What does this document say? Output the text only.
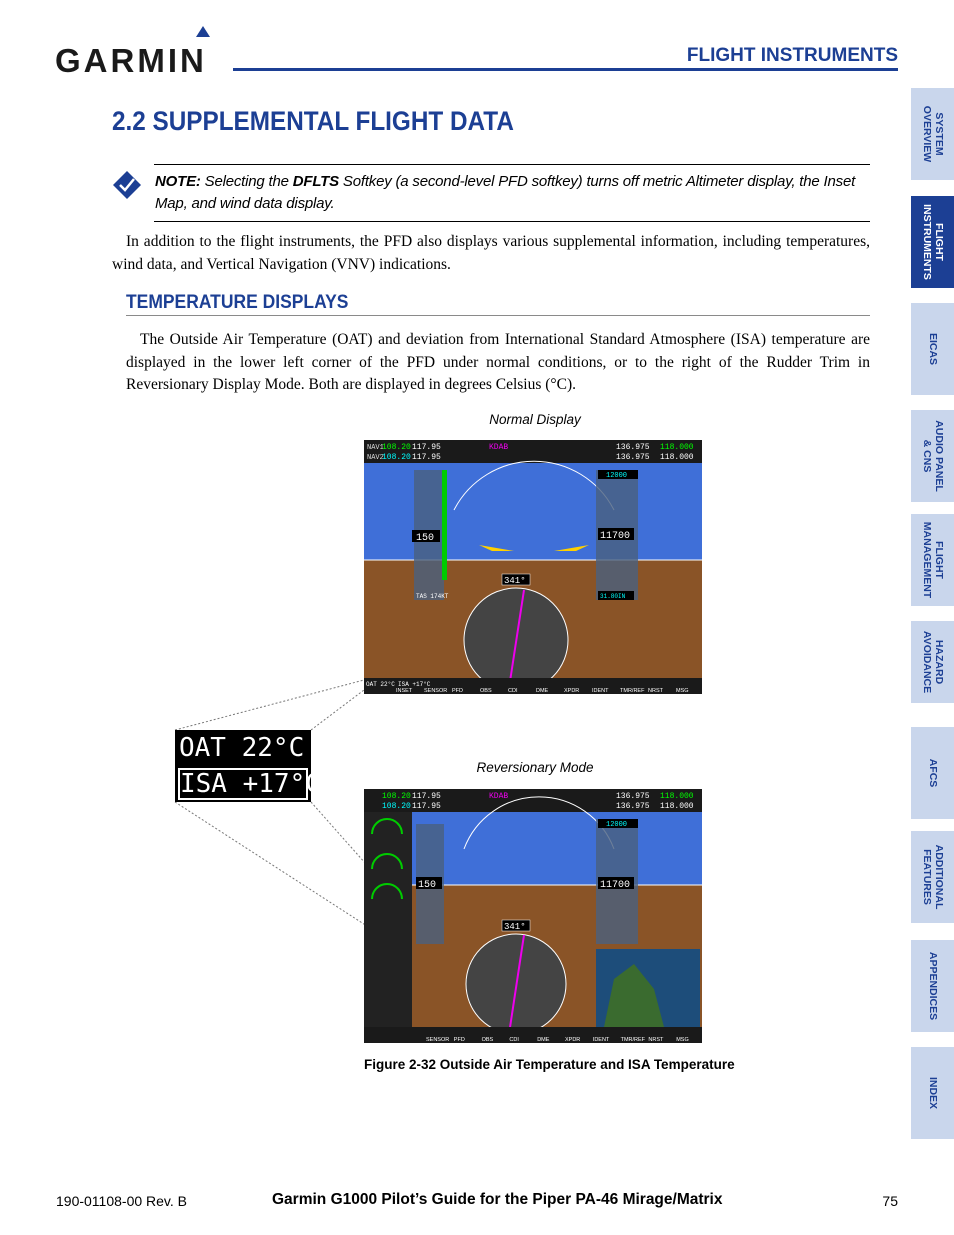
GARMIN	FLIGHT INSTRUMENTS
2.2 SUPPLEMENTAL FLIGHT DATA
NOTE: Selecting the DFLTS Softkey (a second-level PFD softkey) turns off metric Altimeter display, the Inset Map, and wind data display.
In addition to the flight instruments, the PFD also displays various supplemental information, including temperatures, wind data, and Vertical Navigation (VNV) indications.
TEMPERATURE DISPLAYS
The Outside Air Temperature (OAT) and deviation from International Standard Atmosphere (ISA) temperature are displayed in the lower left corner of the PFD under normal conditions, or to the right of the Rudder Trim in Reversionary Display Mode. Both are displayed in degrees Celsius (°C).
Normal Display
Reversionary Mode
NAV1
108.20 117.95
NAV2
108.20 117.95
KDAB	136.975 118.000
136.975 118.000
150
TAS 174KT
12000
11700
31.80IN
341°
OAT 22°C ISA +17°C
INSET SENSOR PFD	OBS	CDI	DME	XPDR IDENT TMR/REF NRST MSG
OAT 22°C
ISA +17°C	108.20 117.95
108.20 117.95
KDAB	136.975 118.000
136.975 118.000
150
12000
11700
341°
SENSOR PFD	OBS	CDI	DME	XPDR IDENT TMR/REF NRST MSG
Figure 2-32 Outside Air Temperature and ISA Temperature
SYSTEM
OVERVIEW
FLIGHT
INSTRUMENTS
EICAS
AUDIO PANEL
& CNS
FLIGHT
MANAGEMENT
HAZARD
AVOIDANCE
AFCS
ADDITIONAL
FEATURES
APPENDICES
INDEX
190-01108-00 Rev. B	Garmin G1000 Pilot’s Guide for the Piper PA-46 Mirage/Matrix	75
